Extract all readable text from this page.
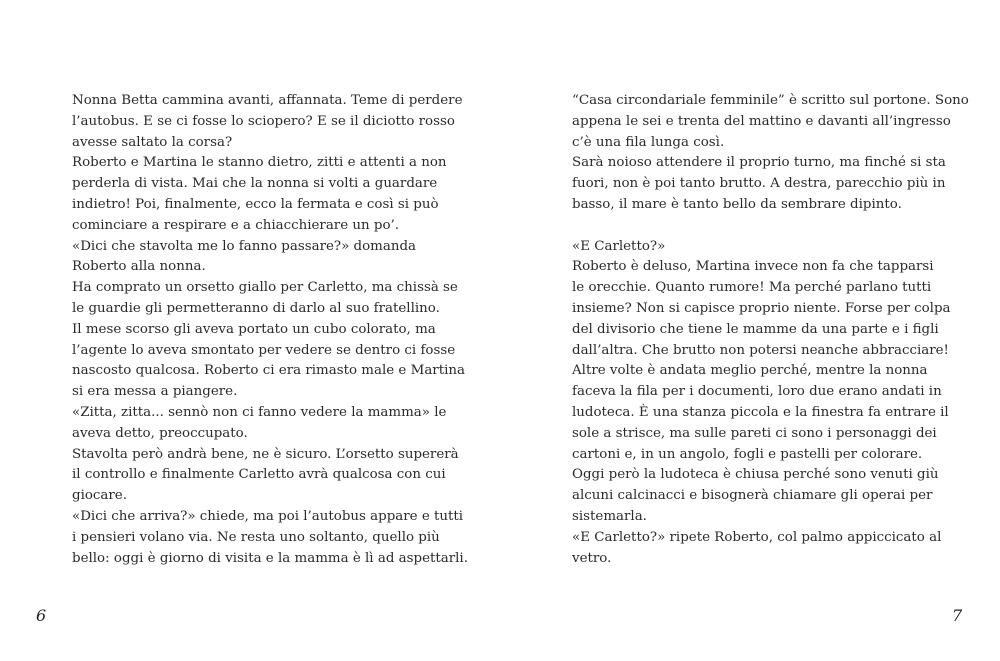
Nonna Betta cammina avanti, affannata. Teme di perdere
l’autobus. E se ci fosse lo sciopero? E se il diciotto rosso
avesse saltato la corsa?
Roberto e Martina le stanno dietro, zitti e attenti a non
perderla di vista. Mai che la nonna si volti a guardare
indietro! Poi, finalmente, ecco la fermata e così si può
cominciare a respirare e a chiacchierare un po’.
«Dici che stavolta me lo fanno passare?» domanda
Roberto alla nonna.
Ha comprato un orsetto giallo per Carletto, ma chissà se
le guardie gli permetteranno di darlo al suo fratellino.
Il mese scorso gli aveva portato un cubo colorato, ma
l’agente lo aveva smontato per vedere se dentro ci fosse
nascosto qualcosa. Roberto ci era rimasto male e Martina
si era messa a piangere.
«Zitta, zitta... sennò non ci fanno vedere la mamma» le
aveva detto, preoccupato.
Stavolta però andrà bene, ne è sicuro. L’orsetto supererà
il controllo e finalmente Carletto avrà qualcosa con cui
giocare.
«Dici che arriva?» chiede, ma poi l’autobus appare e tutti
i pensieri volano via. Ne resta uno soltanto, quello più
bello: oggi è giorno di visita e la mamma è lì ad aspettarli.
6
“Casa circondariale femminile” è scritto sul portone. Sono
appena le sei e trenta del mattino e davanti all’ingresso
c’è una fila lunga così.
Sarà noioso attendere il proprio turno, ma finché si sta
fuori, non è poi tanto brutto. A destra, parecchio più in
basso, il mare è tanto bello da sembrare dipinto.
«E Carletto?»
Roberto è deluso, Martina invece non fa che tapparsi
le orecchie. Quanto rumore! Ma perché parlano tutti
insieme? Non si capisce proprio niente. Forse per colpa
del divisorio che tiene le mamme da una parte e i figli
dall’altra. Che brutto non potersi neanche abbracciare!
Altre volte è andata meglio perché, mentre la nonna
faceva la fila per i documenti, loro due erano andati in
ludoteca. È una stanza piccola e la finestra fa entrare il
sole a strisce, ma sulle pareti ci sono i personaggi dei
cartoni e, in un angolo, fogli e pastelli per colorare.
Oggi però la ludoteca è chiusa perché sono venuti giù
alcuni calcinacci e bisognerà chiamare gli operai per
sistemarla.
«E Carletto?» ripete Roberto, col palmo appiccicato al
vetro.
7
